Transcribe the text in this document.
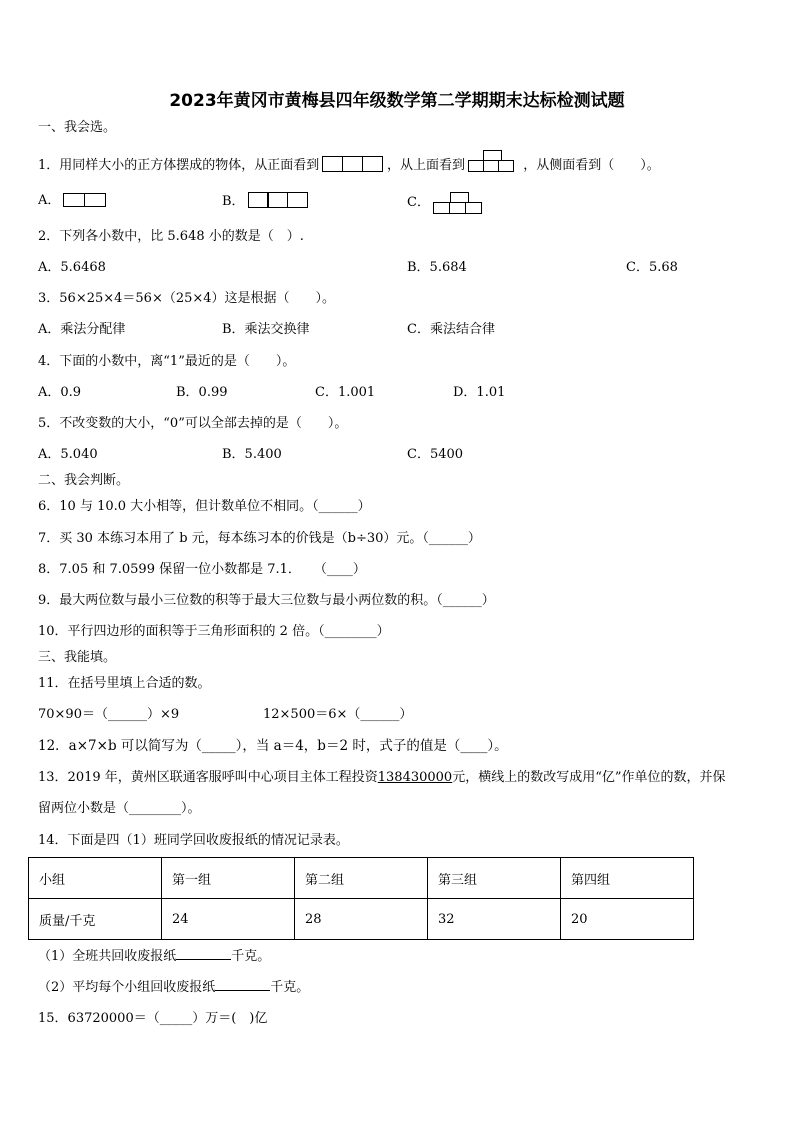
2023年黄冈市黄梅县四年级数学第二学期期末达标检测试题
一、我会选。
1．用同样大小的正方体摆成的物体，从正面看到	，从上面看到	，从侧面看到（　　）。
A．	B．	C．
2．下列各小数中，比 5.648 小的数是（　）.
A．5.6468	B．5.684	C．5.68
3．56×25×4＝56×（25×4）这是根据（　　）。
A．乘法分配律	B．乘法交换律	C．乘法结合律
4．下面的小数中，离“1”最近的是（　　）。
A．0.9	B．0.99	C．1.001	D．1.01
5．不改变数的大小，“0”可以全部去掉的是（　　）。
A．5.040	B．5.400	C．5400
二、我会判断。
6．10 与 10.0 大小相等，但计数单位不相同。（______）
7．买 30 本练习本用了 b 元，每本练习本的价钱是（b÷30）元。（______）
8．7.05 和 7.0599 保留一位小数都是 7.1．　　（____）
9．最大两位数与最小三位数的积等于最大三位数与最小两位数的积。（______）
10．平行四边形的面积等于三角形面积的 2 倍。（________）
三、我能填。
11．在括号里填上合适的数。
70×90＝（______）×9	12×500＝6×（______）
12．a×7×b 可以简写为（_____），当 a＝4，b＝2 时，式子的值是（____）。
13．2019 年，黄州区联通客服呼叫中心项目主体工程投资138430000元，横线上的数改写成用“亿”作单位的数，并保
留两位小数是（________）。
14．下面是四（1）班同学回收废报纸的情况记录表。
小组	第一组	第二组	第三组	第四组
质量/千克	24	28	32	20
（1）全班共回收废报纸	千克。
（2）平均每个小组回收废报纸	千克。
15．63720000＝（_____）万＝(　)亿
